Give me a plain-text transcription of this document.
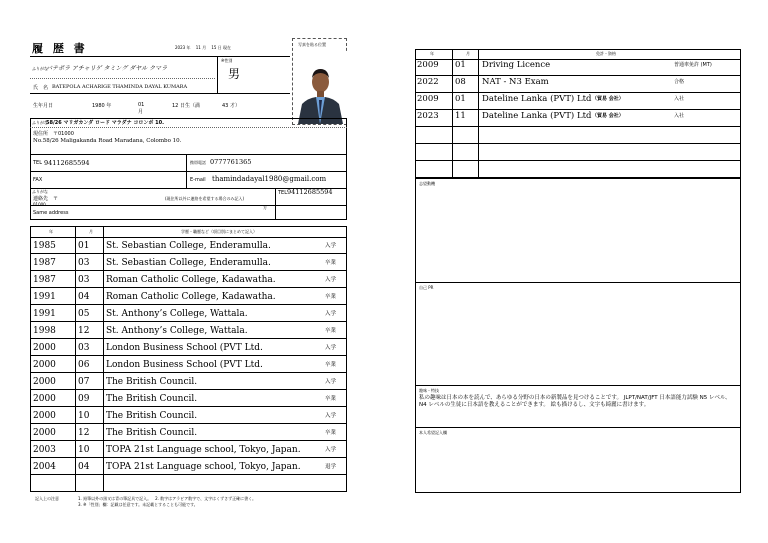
履 歴 書	2023 年　 11 月　 15 日 現在
写真を貼る位置
ふりがな
バテポラ アチャリゲ タミング ダヤル クマラ
氏　名 BATEPOLA ACHARIGE THAMINDA DAYAL KUMARA
※性別
男
生年月日	1980 年	01 月
12 日生（満	43 才）
ふりがな
58/26 マリガカンダ ロード マラダナ コロンボ 10.
現住所　〒01000
No.58/26 Maligakanda Road Maradana, Colombo 10.
TEL 94112685594	携帯電話 0777761365
FAX	E-mail thamindadayal1980@gmail.com
ふりがな
連絡先　〒
01000
(現住所以外に連絡を希望する場合のみ記入)
方
Same address
TEL94112685594
年	月	学歴・職歴など（項目別にまとめて記入）
1985 01 St. Sebastian College, Enderamulla.	入学
1987 03 St. Sebastian College, Enderamulla.	卒業
1987 03 Roman Catholic College, Kadawatha.	入学
1991 04 Roman Catholic College, Kadawatha.	卒業
1991 05 St. Anthony’s College, Wattala.	入学
1998 12 St. Anthony’s College, Wattala.	卒業
2000 03 London Business School (PVT Ltd.	入学
2000 06 London Business School (PVT Ltd.	卒業
2000 07 The British Council.	入学
2000 09 The British Council.	卒業
2000 10 The British Council.	入学
2000 12 The British Council.	卒業
2003 10 TOPA 21st Language school, Tokyo, Japan.	入学
2004 04 TOPA 21st Language school, Tokyo, Japan.	退学
記入上の注意	1. 鉛筆以外の黒又は青の筆記具で記入。　2. 数字はアラビア数字で、文字はくずさず正確に書く。
3. ※「性別」欄：記載は任意です。未記載とすることも可能です。
年	月	免許・資格
2009 01 Driving Licence	普通車免許 (MT)
2022 08 NAT - N3 Exam	合格
2009 01 Dateline Lanka (PVT) Ltd （貿易 会社）	入社
2023 11 Dateline Lanka (PVT) Ltd （貿易 会社）	入社
志望動機
自己 PR
趣味・特技
私の趣味は日本の本を読んで、あらゆる分野の日本の新製品を見つけることです。 JLPT/NAT/JFT 日本語能力試験 N5 レベル、N4 レベルの生徒に日本語を教えることができます。 絵も描けるし、文字も綺麗に書けます。
本人希望記入欄
